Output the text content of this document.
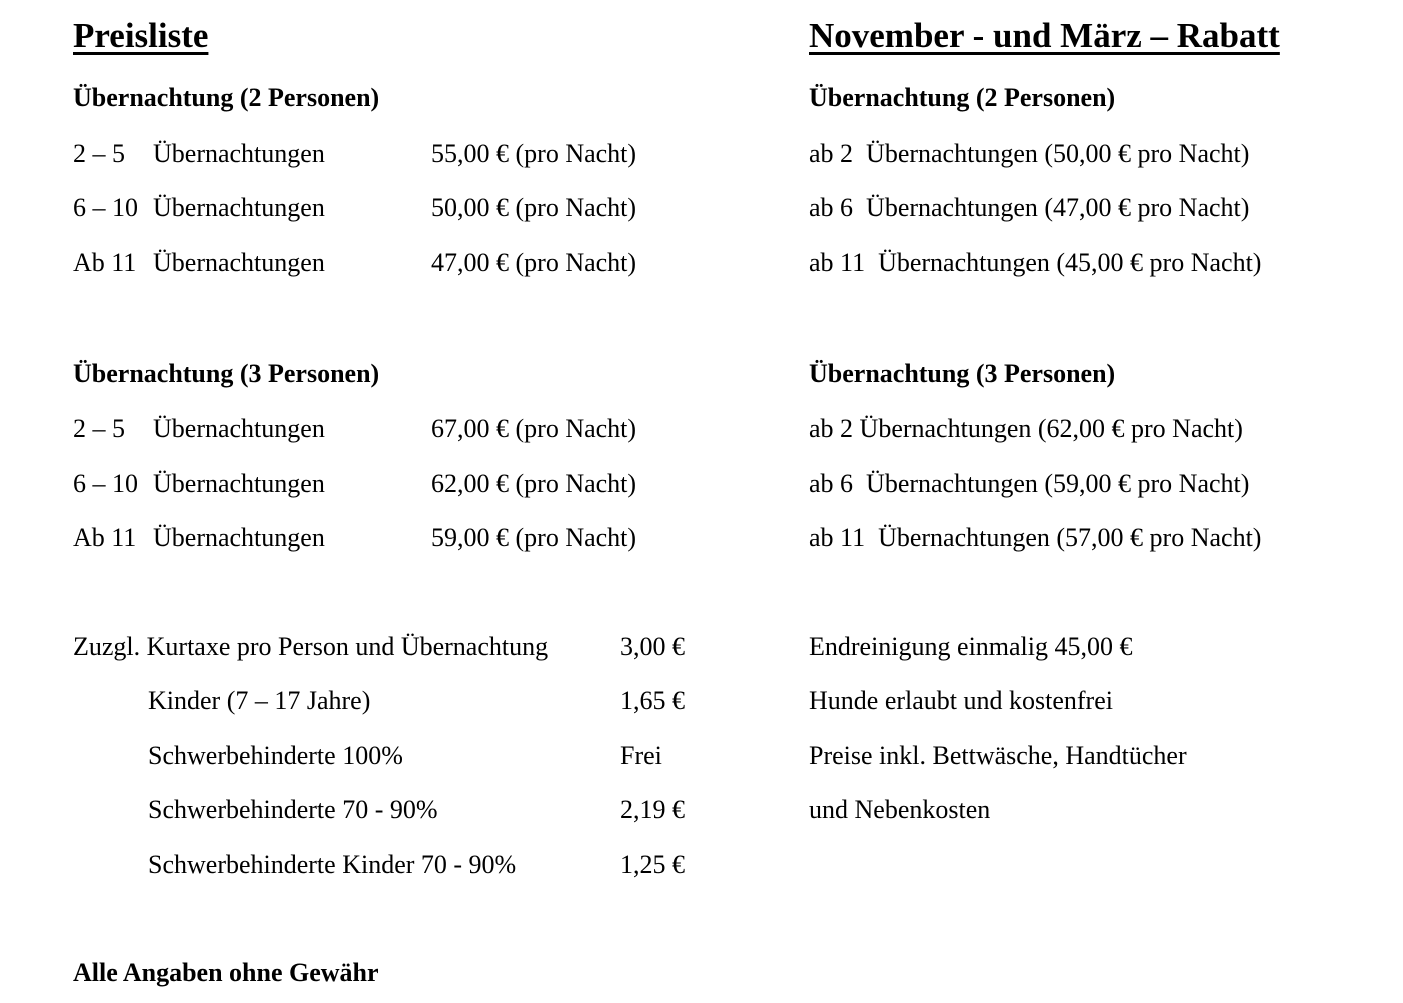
Preisliste
Übernachtung (2 Personen)
2 – 5 Übernachtungen	55,00 € (pro Nacht)
6 – 10 Übernachtungen	50,00 € (pro Nacht)
Ab 11 Übernachtungen	47,00 € (pro Nacht)
Übernachtung (3 Personen)
2 – 5 Übernachtungen	67,00 € (pro Nacht)
6 – 10 Übernachtungen	62,00 € (pro Nacht)
Ab 11 Übernachtungen	59,00 € (pro Nacht)
Zuzgl. Kurtaxe pro Person und Übernachtung	3,00 €
Kinder (7 – 17 Jahre)	1,65 €
Schwerbehinderte 100%	Frei
Schwerbehinderte 70 - 90%	2,19 €
Schwerbehinderte Kinder 70 - 90%	1,25 €
Alle Angaben ohne Gewähr
November - und März – Rabatt
Übernachtung (2 Personen)
ab 2  Übernachtungen (50,00 € pro Nacht)
ab 6  Übernachtungen (47,00 € pro Nacht)
ab 11  Übernachtungen (45,00 € pro Nacht)
Übernachtung (3 Personen)
ab 2 Übernachtungen (62,00 € pro Nacht)
ab 6  Übernachtungen (59,00 € pro Nacht)
ab 11  Übernachtungen (57,00 € pro Nacht)
Endreinigung einmalig 45,00 €
Hunde erlaubt und kostenfrei
Preise inkl. Bettwäsche, Handtücher
und Nebenkosten
